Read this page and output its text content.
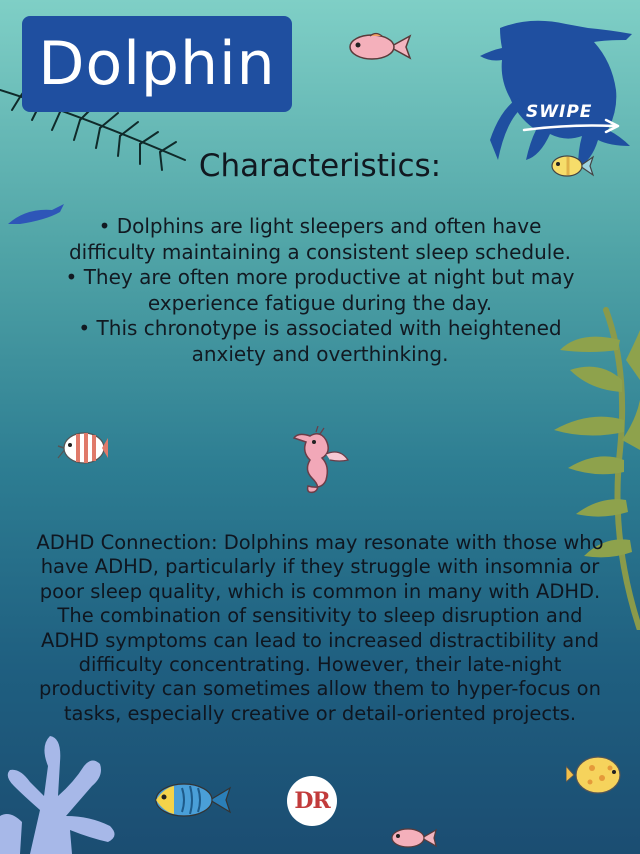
Dolphin
SWIPE
Characteristics:
• Dolphins are light sleepers and often have difficulty maintaining a consistent sleep schedule.
• They are often more productive at night but may experience fatigue during the day.
• This chronotype is associated with heightened anxiety and overthinking.
ADHD Connection: Dolphins may resonate with those who have ADHD, particularly if they struggle with insomnia or poor sleep quality, which is common in many with ADHD. The combination of sensitivity to sleep disruption and ADHD symptoms can lead to increased distractibility and difficulty concentrating. However, their late-night productivity can sometimes allow them to hyper-focus on tasks, especially creative or detail-oriented projects.
DR
